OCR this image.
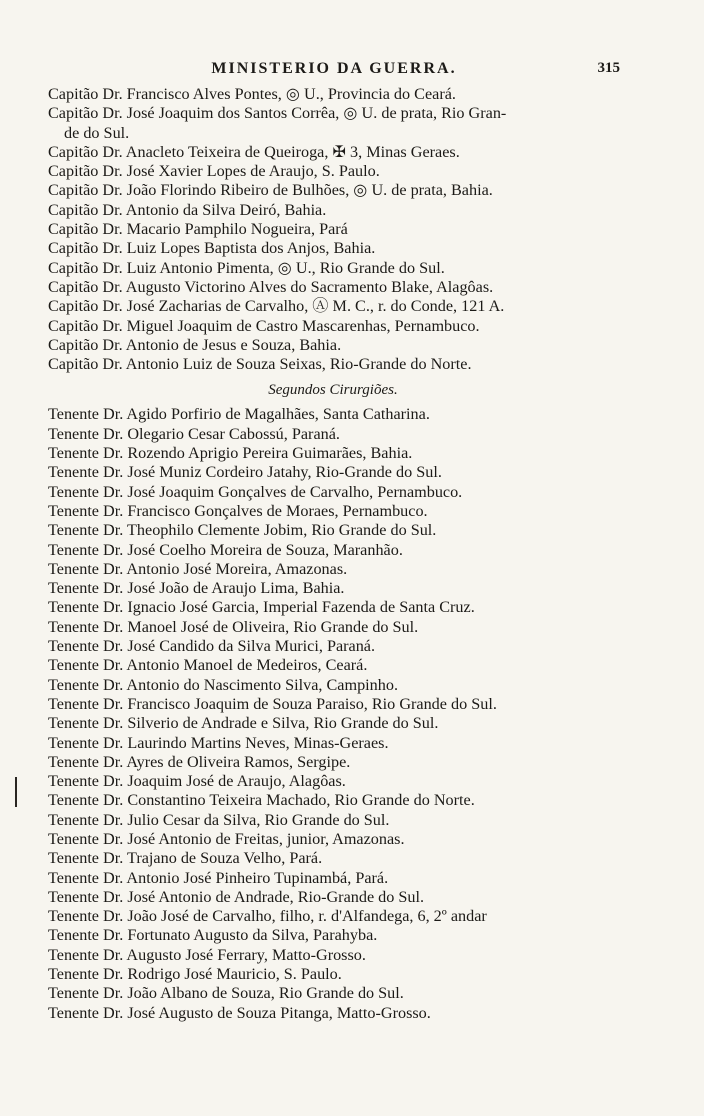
MINISTERIO DA GUERRA.	315
Capitão Dr. Francisco Alves Pontes, ◎ U., Provincia do Ceará.
Capitão Dr. José Joaquim dos Santos Corrêa, ◎ U. de prata, Rio Gran-
de do Sul.
Capitão Dr. Anacleto Teixeira de Queiroga, ✠ 3, Minas Geraes.
Capitão Dr. José Xavier Lopes de Araujo, S. Paulo.
Capitão Dr. João Florindo Ribeiro de Bulhões, ◎ U. de prata, Bahia.
Capitão Dr. Antonio da Silva Deiró, Bahia.
Capitão Dr. Macario Pamphilo Nogueira, Pará
Capitão Dr. Luiz Lopes Baptista dos Anjos, Bahia.
Capitão Dr. Luiz Antonio Pimenta, ◎ U., Rio Grande do Sul.
Capitão Dr. Augusto Victorino Alves do Sacramento Blake, Alagôas.
Capitão Dr. José Zacharias de Carvalho, Ⓐ M. C., r. do Conde, 121 A.
Capitão Dr. Miguel Joaquim de Castro Mascarenhas, Pernambuco.
Capitão Dr. Antonio de Jesus e Souza, Bahia.
Capitão Dr. Antonio Luiz de Souza Seixas, Rio-Grande do Norte.
Segundos Cirurgiões.
Tenente Dr. Agido Porfirio de Magalhães, Santa Catharina.
Tenente Dr. Olegario Cesar Cabossú, Paraná.
Tenente Dr. Rozendo Aprigio Pereira Guimarães, Bahia.
Tenente Dr. José Muniz Cordeiro Jatahy, Rio-Grande do Sul.
Tenente Dr. José Joaquim Gonçalves de Carvalho, Pernambuco.
Tenente Dr. Francisco Gonçalves de Moraes, Pernambuco.
Tenente Dr. Theophilo Clemente Jobim, Rio Grande do Sul.
Tenente Dr. José Coelho Moreira de Souza, Maranhão.
Tenente Dr. Antonio José Moreira, Amazonas.
Tenente Dr. José João de Araujo Lima, Bahia.
Tenente Dr. Ignacio José Garcia, Imperial Fazenda de Santa Cruz.
Tenente Dr. Manoel José de Oliveira, Rio Grande do Sul.
Tenente Dr. José Candido da Silva Murici, Paraná.
Tenente Dr. Antonio Manoel de Medeiros, Ceará.
Tenente Dr. Antonio do Nascimento Silva, Campinho.
Tenente Dr. Francisco Joaquim de Souza Paraiso, Rio Grande do Sul.
Tenente Dr. Silverio de Andrade e Silva, Rio Grande do Sul.
Tenente Dr. Laurindo Martins Neves, Minas-Geraes.
Tenente Dr. Ayres de Oliveira Ramos, Sergipe.
Tenente Dr. Joaquim José de Araujo, Alagôas.
Tenente Dr. Constantino Teixeira Machado, Rio Grande do Norte.
Tenente Dr. Julio Cesar da Silva, Rio Grande do Sul.
Tenente Dr. José Antonio de Freitas, junior, Amazonas.
Tenente Dr. Trajano de Souza Velho, Pará.
Tenente Dr. Antonio José Pinheiro Tupinambá, Pará.
Tenente Dr. José Antonio de Andrade, Rio-Grande do Sul.
Tenente Dr. João José de Carvalho, filho, r. d'Alfandega, 6, 2º andar
Tenente Dr. Fortunato Augusto da Silva, Parahyba.
Tenente Dr. Augusto José Ferrary, Matto-Grosso.
Tenente Dr. Rodrigo José Mauricio, S. Paulo.
Tenente Dr. João Albano de Souza, Rio Grande do Sul.
Tenente Dr. José Augusto de Souza Pitanga, Matto-Grosso.
